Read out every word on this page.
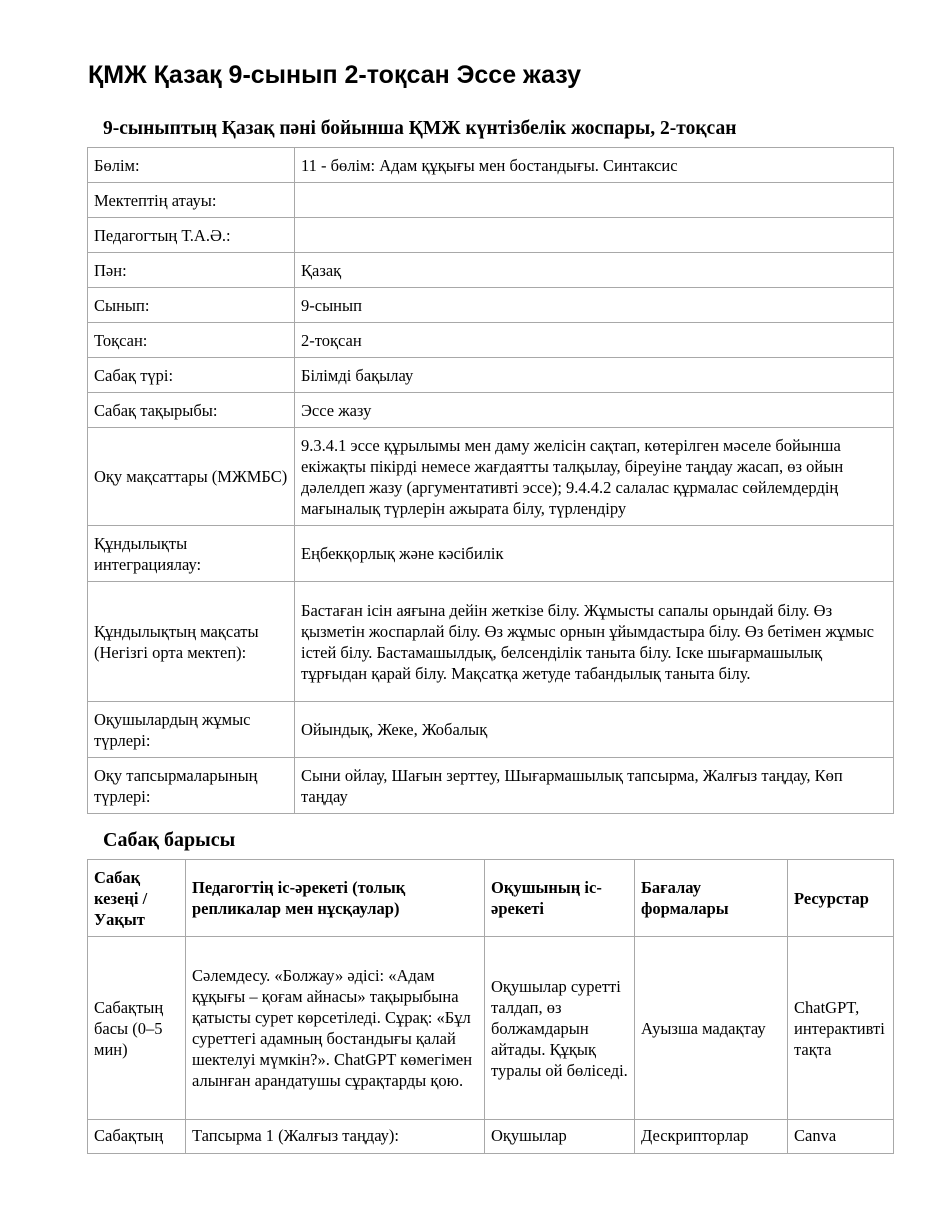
ҚМЖ Қазақ 9-сынып 2-тоқсан Эссе жазу
9-сыныптың Қазақ пәні бойынша ҚМЖ күнтізбелік жоспары, 2-тоқсан
Бөлім:	11 - бөлім: Адам құқығы мен бостандығы. Синтаксис
Мектептің атауы:	
Педагогтың Т.А.Ә.:	
Пән:	Қазақ
Сынып:	9-сынып
Тоқсан:	2-тоқсан
Сабақ түрі:	Білімді бақылау
Сабақ тақырыбы:	Эссе жазу
Оқу мақсаттары (МЖМБС)	9.3.4.1 эссе құрылымы мен даму желісін сақтап, көтерілген мәселе бойынша екіжақты пікірді немесе жағдаятты талқылау, біреуіне таңдау жасап, өз ойын дәлелдеп жазу (аргументативті эссе); 9.4.4.2 салалас құрмалас сөйлемдердің мағыналық түрлерін ажырата білу, түрлендіру
Құндылықты интеграциялау:	Еңбекқорлық және кәсібилік
Құндылықтың мақсаты (Негізгі орта мектеп):	Бастаған ісін аяғына дейін жеткізе білу. Жұмысты сапалы орындай білу. Өз қызметін жоспарлай білу. Өз жұмыс орнын ұйымдастыра білу. Өз бетімен жұмыс істей білу. Бастамашылдық, белсенділік таныта білу. Іске шығармашылық тұрғыдан қарай білу. Мақсатқа жетуде табандылық таныта білу.
Оқушылардың жұмыс түрлері:	Ойындық, Жеке, Жобалық
Оқу тапсырмаларының түрлері:	Сыни ойлау, Шағын зерттеу, Шығармашылық тапсырма, Жалғыз таңдау, Көп таңдау
Сабақ барысы
Сабақ кезеңі / Уақыт	Педагогтің іс-әрекеті (толық репликалар мен нұсқаулар)	Оқушының іс-әрекеті	Бағалау формалары	Ресурстар
Сабақтың басы (0–5 мин)	Сәлемдесу. «Болжау» әдісі: «Адам құқығы – қоғам айнасы» тақырыбына қатысты сурет көрсетіледі. Сұрақ: «Бұл суреттегі адамның бостандығы қалай шектелуі мүмкін?». ChatGPT көмегімен алынған арандатушы сұрақтарды қою.	Оқушылар суретті талдап, өз болжамдарын айтады. Құқық туралы ой бөліседі.	Ауызша мадақтау	ChatGPT, интерактивті тақта
Сабақтың	Тапсырма 1 (Жалғыз таңдау):	Оқушылар	Дескрипторлар	Canva
